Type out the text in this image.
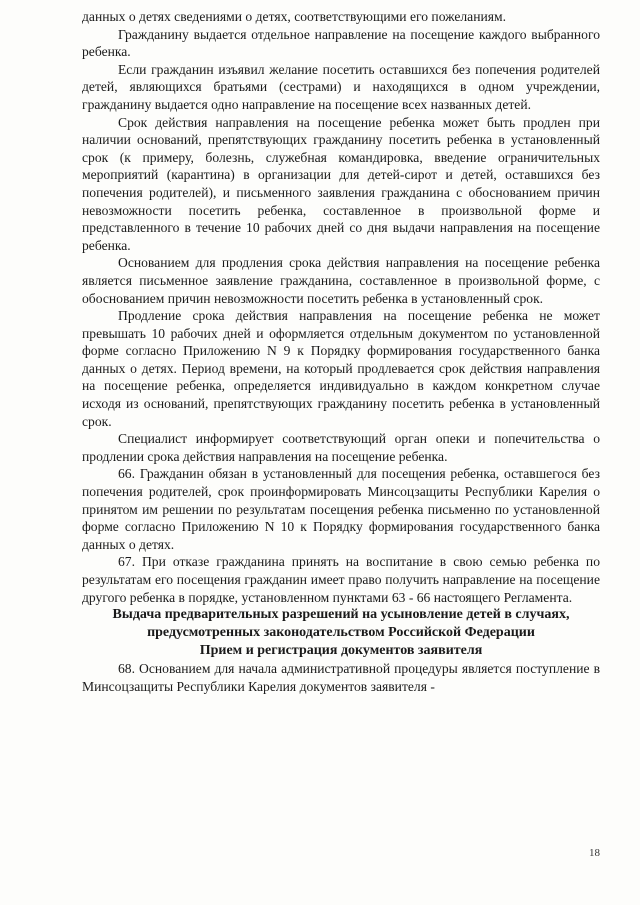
данных о детях сведениями о детях, соответствующими его пожеланиям.

Гражданину выдается отдельное направление на посещение каждого выбранного ребенка.

Если гражданин изъявил желание посетить оставшихся без попечения родителей детей, являющихся братьями (сестрами) и находящихся в одном учреждении, гражданину выдается одно направление на посещение всех названных детей.

Срок действия направления на посещение ребенка может быть продлен при наличии оснований, препятствующих гражданину посетить ребенка в установленный срок (к примеру, болезнь, служебная командировка, введение ограничительных мероприятий (карантина) в организации для детей-сирот и детей, оставшихся без попечения родителей), и письменного заявления гражданина с обоснованием причин невозможности посетить ребенка, составленное в произвольной форме и представленного в течение 10 рабочих дней со дня выдачи направления на посещение ребенка.

Основанием для продления срока действия направления на посещение ребенка является письменное заявление гражданина, составленное в произвольной форме, с обоснованием причин невозможности посетить ребенка в установленный срок.

Продление срока действия направления на посещение ребенка не может превышать 10 рабочих дней и оформляется отдельным документом по установленной форме согласно Приложению N 9 к Порядку формирования государственного банка данных о детях. Период времени, на который продлевается срок действия направления на посещение ребенка, определяется индивидуально в каждом конкретном случае исходя из оснований, препятствующих гражданину посетить ребенка в установленный срок.

Специалист информирует соответствующий орган опеки и попечительства о продлении срока действия направления на посещение ребенка.

66. Гражданин обязан в установленный для посещения ребенка, оставшегося без попечения родителей, срок проинформировать Минсоцзащиты Республики Карелия о принятом им решении по результатам посещения ребенка письменно по установленной форме согласно Приложению N 10 к Порядку формирования государственного банка данных о детях.

67. При отказе гражданина принять на воспитание в свою семью ребенка по результатам его посещения гражданин имеет право получить направление на посещение другого ребенка в порядке, установленном пунктами 63 - 66 настоящего Регламента.

Выдача предварительных разрешений на усыновление детей в случаях, предусмотренных законодательством Российской Федерации

Прием и регистрация документов заявителя

68. Основанием для начала административной процедуры является поступление в Минсоцзащиты Республики Карелия документов заявителя -

18
